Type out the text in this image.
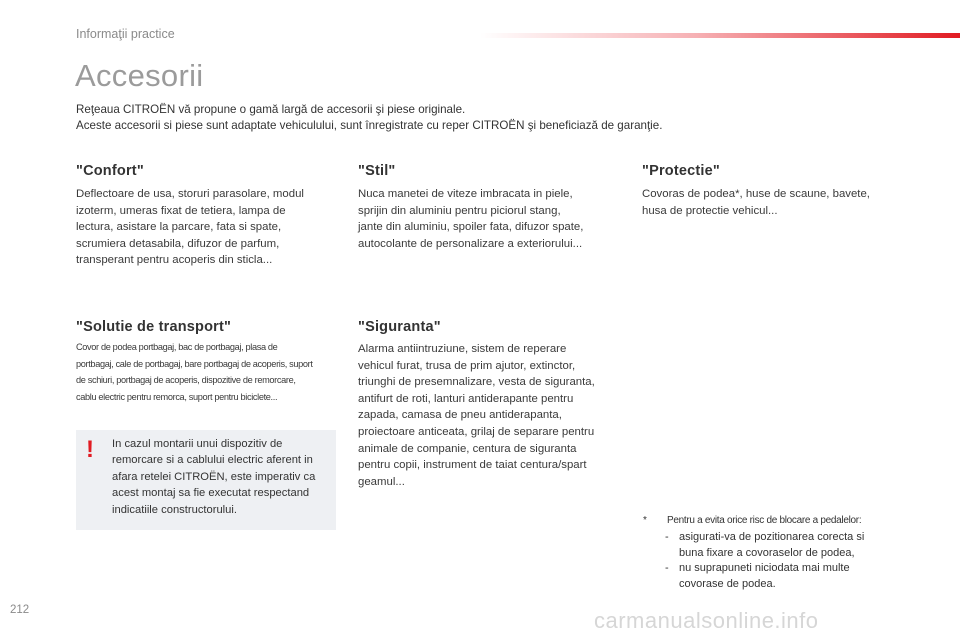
Informaţii practice
Accesorii
Reţeaua CITROËN vă propune o gamă largă de accesorii şi piese originale.
Aceste accesorii si piese sunt adaptate vehiculului, sunt înregistrate cu reper CITROËN şi beneficiază de garanţie.
"Confort"
Deflectoare de usa, storuri parasolare, modul
izoterm, umeras fixat de tetiera, lampa de
lectura, asistare la parcare, fata si spate,
scrumiera detasabila, difuzor de parfum,
transperant pentru acoperis din sticla...
"Stil"
Nuca manetei de viteze imbracata in piele,
sprijin din aluminiu pentru piciorul stang,
jante din aluminiu, spoiler fata, difuzor spate,
autocolante de personalizare a exteriorului...
"Protectie"
Covoras de podea*, huse de scaune, bavete,
husa de protectie vehicul...
"Solutie de transport"
Covor de podea portbagaj, bac de portbagaj, plasa de
portbagaj, cale de portbagaj, bare portbagaj de acoperis, suport
de schiuri, portbagaj de acoperis, dispozitive de remorcare,
cablu electric pentru remorca, suport pentru biciclete...
"Siguranta"
Alarma antiintruziune, sistem de reperare
vehicul furat, trusa de prim ajutor, extinctor,
triunghi de presemnalizare, vesta de siguranta,
antifurt de roti, lanturi antiderapante pentru
zapada, camasa de pneu antiderapanta,
proiectoare anticeata, grilaj de separare pentru
animale de companie, centura de siguranta
pentru copii, instrument de taiat centura/spart
geamul...
! In cazul montarii unui dispozitiv de
remorcare si a cablului electric aferent in
afara retelei CITROËN, este imperativ ca
acest montaj sa fie executat respectand
indicatiile constructorului.
* Pentru a evita orice risc de blocare a pedalelor:
- asigurati-va de pozitionarea corecta si
buna fixare a covoraselor de podea,
- nu suprapuneti niciodata mai multe
covorase de podea.
212	carmanualsonline.info
